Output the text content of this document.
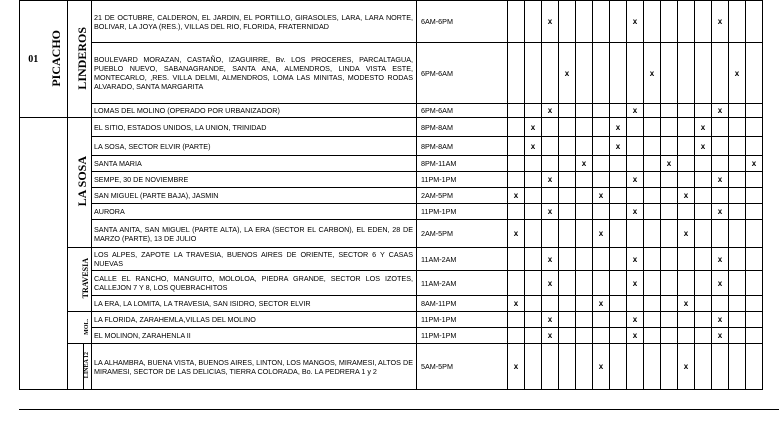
01	PICACHO	LINDEROS		21 DE OCTUBRE, CALDERON, EL JARDIN, EL PORTILLO, GIRASOLES, LARA, LARA NORTE, BOLIVAR, LA JOYA (RES.), VILLAS DEL RIO, FLORIDA, FRATERNIDAD	6AM-6PM			x					x					x		
				BOULEVARD MORAZAN, CASTAÑO, IZAGUIRRE, Bv. LOS PROCERES, PARCALTAGUA, PUEBLO NUEVO, SABANAGRANDE, SANTA ANA, ALMENDROS, LINDA VISTA ESTE, MONTECARLO, ,RES. VILLA DELMI, ALMENDROS, LOMA LAS MINITAS, MODESTO RODAS ALVARADO, SANTA MARGARITA	6PM-6AM				x					x					x	
				LOMAS DEL MOLINO (OPERADO POR URBANIZADOR)	6PM-6AM			x					x					x		
		LA SOSA		EL SITIO, ESTADOS UNIDOS, LA UNION, TRINIDAD	8PM-8AM		x					x					x			
				LA SOSA, SECTOR ELVIR (PARTE)	8PM-8AM		x					x					x			
				SANTA MARIA	8PM-11AM					x					x					x
				SEMPE, 30 DE NOVIEMBRE	11PM-1PM			x					x					x		
				SAN MIGUEL (PARTE BAJA), JASMIN	2AM-5PM	x					x					x				
				AURORA	11PM-1PM			x					x					x		
				SANTA ANITA, SAN MIGUEL (PARTE ALTA), LA ERA (SECTOR EL CARBON), EL EDEN, 28 DE MARZO (PARTE), 13 DE JULIO	2AM-5PM	x					x					x				
		TRAVESIA		LOS ALPES, ZAPOTE LA TRAVESIA, BUENOS AIRES DE ORIENTE, SECTOR 6 Y CASAS NUEVAS	11AM-2AM			x					x					x		
				CALLE EL RANCHO, MANGUITO, MOLOLOA, PIEDRA GRANDE, SECTOR LOS IZOTES, CALLEJON 7 Y 8, LOS QUEBRACHITOS	11AM-2AM			x					x					x		
				LA ERA, LA LOMITA, LA TRAVESIA, SAN ISIDRO, SECTOR ELVIR	8AM-11PM	x					x					x				
		MOL.		LA FLORIDA, ZARAHEMLA,VILLAS DEL MOLINO	11PM-1PM			x					x					x		
				EL MOLINON, ZARAHENLA II	11PM-1PM			x					x					x		
			LINEA 12	LA ALHAMBRA, BUENA VISTA, BUENOS AIRES, LINTON, LOS MANGOS, MIRAMESI, ALTOS DE MIRAMESI, SECTOR DE LAS DELICIAS, TIERRA COLORADA, Bo. LA PEDRERA 1 y 2	5AM-5PM	x					x					x				
